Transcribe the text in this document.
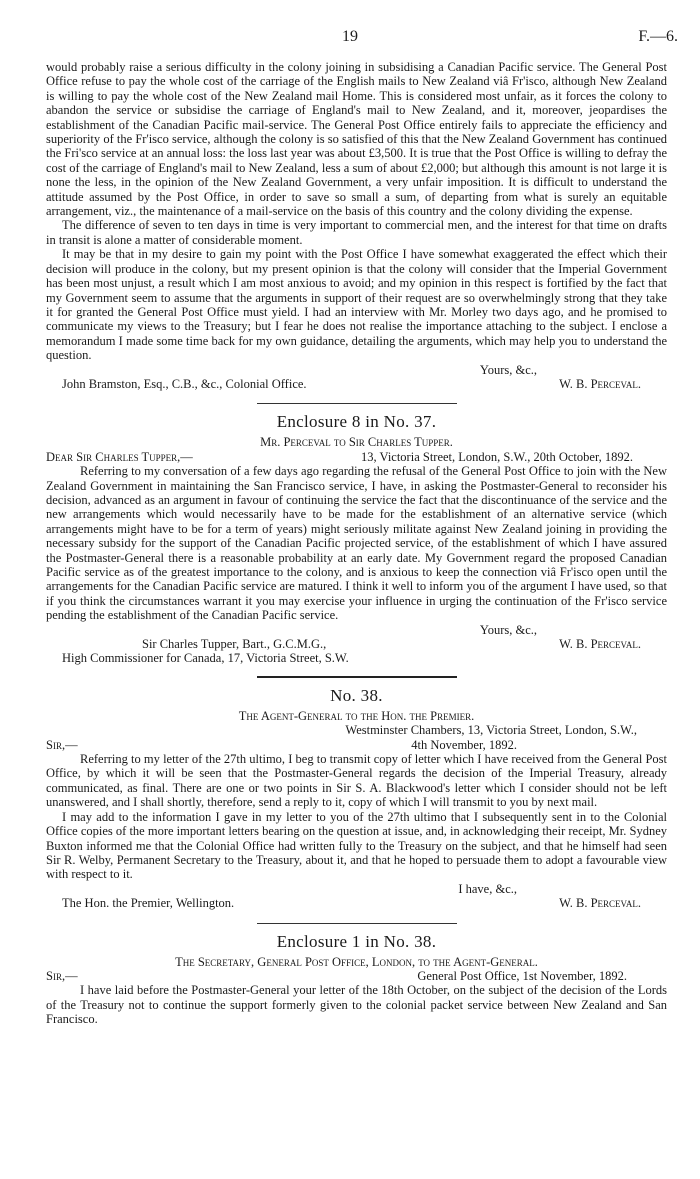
19	F.—6.

would probably raise a serious difficulty in the colony joining in subsidising a Canadian Pacific service. The General Post Office refuse to pay the whole cost of the carriage of the English mails to New Zealand viâ Fr'isco, although New Zealand is willing to pay the whole cost of the New Zealand mail Home. This is considered most unfair, as it forces the colony to abandon the service or subsidise the carriage of England's mail to New Zealand, and it, moreover, jeopardises the establishment of the Canadian Pacific mail-service. The General Post Office entirely fails to appreciate the efficiency and superiority of the Fr'isco service, although the colony is so satisfied of this that the New Zealand Government has continued the Fri'sco service at an annual loss: the loss last year was about £3,500. It is true that the Post Office is willing to defray the cost of the carriage of England's mail to New Zealand, less a sum of about £2,000; but although this amount is not large it is none the less, in the opinion of the New Zealand Government, a very unfair imposition. It is difficult to understand the attitude assumed by the Post Office, in order to save so small a sum, of departing from what is surely an equitable arrangement, viz., the maintenance of a mail-service on the basis of this country and the colony dividing the expense.

The difference of seven to ten days in time is very important to commercial men, and the interest for that time on drafts in transit is alone a matter of considerable moment.

It may be that in my desire to gain my point with the Post Office I have somewhat exaggerated the effect which their decision will produce in the colony, but my present opinion is that the colony will consider that the Imperial Government has been most unjust, a result which I am most anxious to avoid; and my opinion in this respect is fortified by the fact that my Government seem to assume that the arguments in support of their request are so overwhelmingly strong that they take it for granted the General Post Office must yield. I had an interview with Mr. Morley two days ago, and he promised to communicate my views to the Treasury; but I fear he does not realise the importance attaching to the subject. I enclose a memorandum I made some time back for my own guidance, detailing the arguments, which may help you to understand the question.

Yours, &c.,
John Bramston, Esq., C.B., &c., Colonial Office.	W. B. Perceval.
Enclosure 8 in No. 37.
Mr. Perceval to Sir Charles Tupper.
Dear Sir Charles Tupper,—	13, Victoria Street, London, S.W., 20th October, 1892.

Referring to my conversation of a few days ago regarding the refusal of the General Post Office to join with the New Zealand Government in maintaining the San Francisco service, I have, in asking the Postmaster-General to reconsider his decision, advanced as an argument in favour of continuing the service the fact that the discontinuance of the service and the new arrangements which would necessarily have to be made for the establishment of an alternative service (which arrangements might have to be for a term of years) might seriously militate against New Zealand joining in providing the necessary subsidy for the support of the Canadian Pacific projected service, of the establishment of which I have assured the Postmaster-General there is a reasonable probability at an early date. My Government regard the proposed Canadian Pacific service as of the greatest importance to the colony, and is anxious to keep the connection viâ Fr'isco open until the arrangements for the Canadian Pacific service are matured. I think it well to inform you of the argument I have used, so that if you think the circumstances warrant it you may exercise your influence in urging the continuation of the Fr'isco service pending the establishment of the Canadian Pacific service.

Yours, &c.,
Sir Charles Tupper, Bart., G.C.M.G.,	W. B. Perceval.
High Commissioner for Canada, 17, Victoria Street, S.W.
No. 38.
The Agent-General to the Hon. the Premier.
Westminster Chambers, 13, Victoria Street, London, S.W.,
Sir,—	4th November, 1892.

Referring to my letter of the 27th ultimo, I beg to transmit copy of letter which I have received from the General Post Office, by which it will be seen that the Postmaster-General regards the decision of the Imperial Treasury, already communicated, as final. There are one or two points in Sir S. A. Blackwood's letter which I consider should not be left unanswered, and I shall shortly, therefore, send a reply to it, copy of which I will transmit to you by next mail.

I may add to the information I gave in my letter to you of the 27th ultimo that I subsequently sent in to the Colonial Office copies of the more important letters bearing on the question at issue, and, in acknowledging their receipt, Mr. Sydney Buxton informed me that the Colonial Office had written fully to the Treasury on the subject, and that he himself had seen Sir R. Welby, Permanent Secretary to the Treasury, about it, and that he hoped to persuade them to adopt a favourable view with respect to it.

I have, &c.,
The Hon. the Premier, Wellington.	W. B. Perceval.
Enclosure 1 in No. 38.
The Secretary, General Post Office, London, to the Agent-General.
Sir,—	General Post Office, 1st November, 1892.

I have laid before the Postmaster-General your letter of the 18th October, on the subject of the decision of the Lords of the Treasury not to continue the support formerly given to the colonial packet service between New Zealand and San Francisco.
